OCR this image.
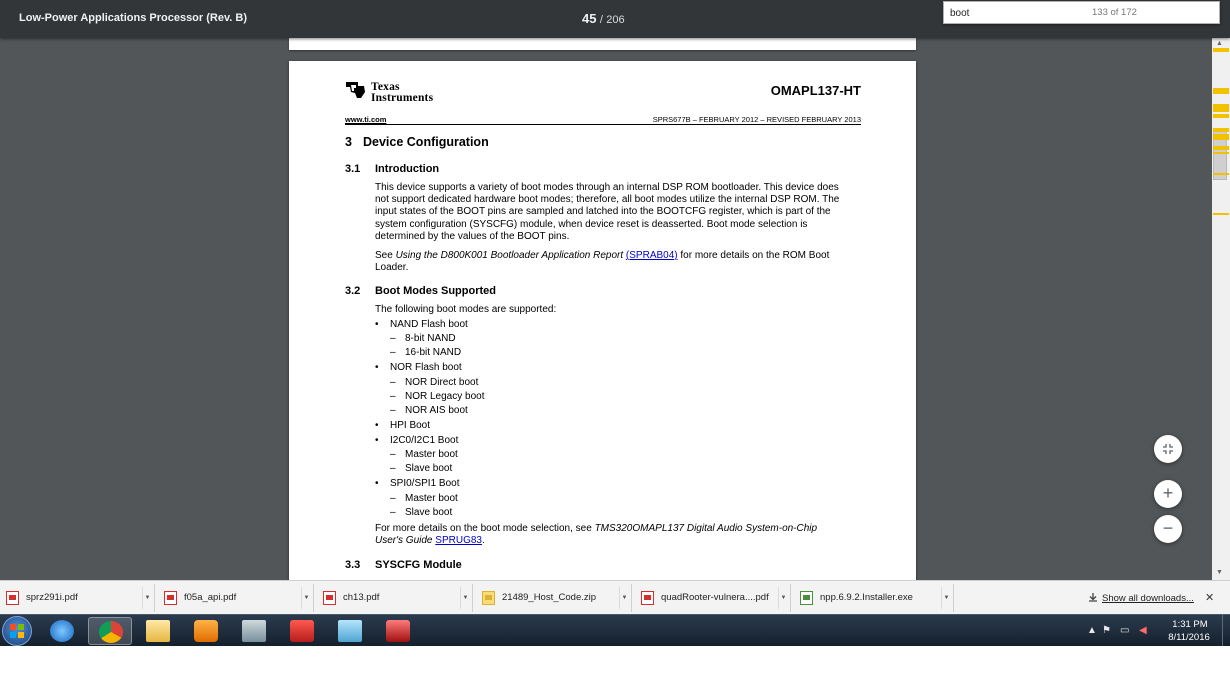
Low-Power Applications Processor (Rev. B)	45 / 206
boot
133 of 172
Texas
Instruments	OMAPL137-HT
www.ti.com	SPRS677B – FEBRUARY 2012 – REVISED FEBRUARY 2013
3 Device Configuration
3.1 Introduction
This device supports a variety of boot modes through an internal DSP ROM bootloader. This device does
not support dedicated hardware boot modes; therefore, all boot modes utilize the internal DSP ROM. The
input states of the BOOT pins are sampled and latched into the BOOTCFG register, which is part of the
system configuration (SYSCFG) module, when device reset is deasserted. Boot mode selection is
determined by the values of the BOOT pins.
See Using the D800K001 Bootloader Application Report (SPRAB04) for more details on the ROM Boot
Loader.
3.2 Boot Modes Supported
The following boot modes are supported:
For more details on the boot mode selection, see TMS320OMAPL137 Digital Audio System-on-Chip
User's Guide SPRUG83.
3.3 SYSCFG Module
• NAND Flash boot
– 8-bit NAND
– 16-bit NAND
• NOR Flash boot
– NOR Direct boot
– NOR Legacy boot
– NOR AIS boot
• HPI Boot
• I2C0/I2C1 Boot
– Master boot
– Slave boot
• SPI0/SPI1 Boot
– Master boot
– Slave boot
+
−
▲
▼
sprz291i.pdf	▼	f05a_api.pdf	▼	ch13.pdf	▼	21489_Host_Code.zip	▼	quadRooter-vulnera....pdf	▼	npp.6.9.2.Installer.exe	▼	Show all downloads... ✕
▲ ⚑ ▭ ◀
1:31 PM
8/11/2016
